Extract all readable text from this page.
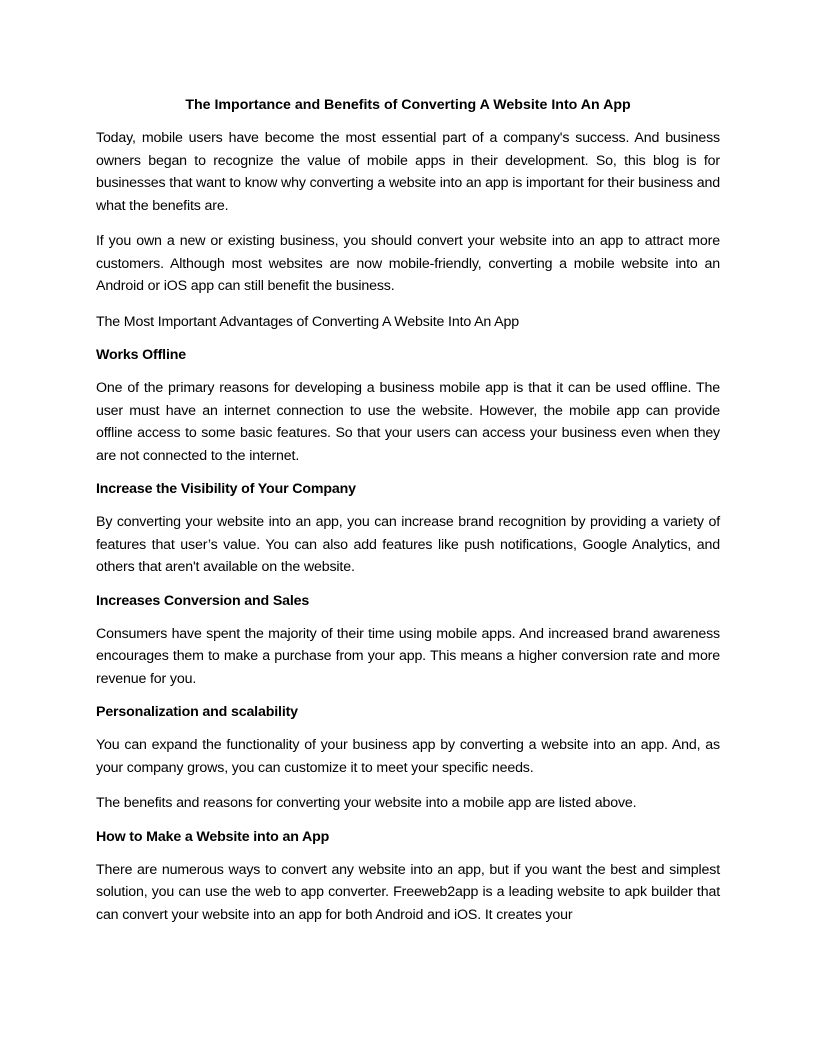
The Importance and Benefits of Converting A Website Into An App

Today, mobile users have become the most essential part of a company's success. And business owners began to recognize the value of mobile apps in their development. So, this blog is for businesses that want to know why converting a website into an app is important for their business and what the benefits are.

If you own a new or existing business, you should convert your website into an app to attract more customers. Although most websites are now mobile-friendly, converting a mobile website into an Android or iOS app can still benefit the business.

The Most Important Advantages of Converting A Website Into An App

Works Offline

One of the primary reasons for developing a business mobile app is that it can be used offline. The user must have an internet connection to use the website. However, the mobile app can provide offline access to some basic features. So that your users can access your business even when they are not connected to the internet.

Increase the Visibility of Your Company

By converting your website into an app, you can increase brand recognition by providing a variety of features that user’s value. You can also add features like push notifications, Google Analytics, and others that aren't available on the website.

Increases Conversion and Sales

Consumers have spent the majority of their time using mobile apps. And increased brand awareness encourages them to make a purchase from your app. This means a higher conversion rate and more revenue for you.

Personalization and scalability

You can expand the functionality of your business app by converting a website into an app. And, as your company grows, you can customize it to meet your specific needs.

The benefits and reasons for converting your website into a mobile app are listed above.

How to Make a Website into an App

There are numerous ways to convert any website into an app, but if you want the best and simplest solution, you can use the web to app converter. Freeweb2app is a leading website to apk builder that can convert your website into an app for both Android and iOS. It creates your
